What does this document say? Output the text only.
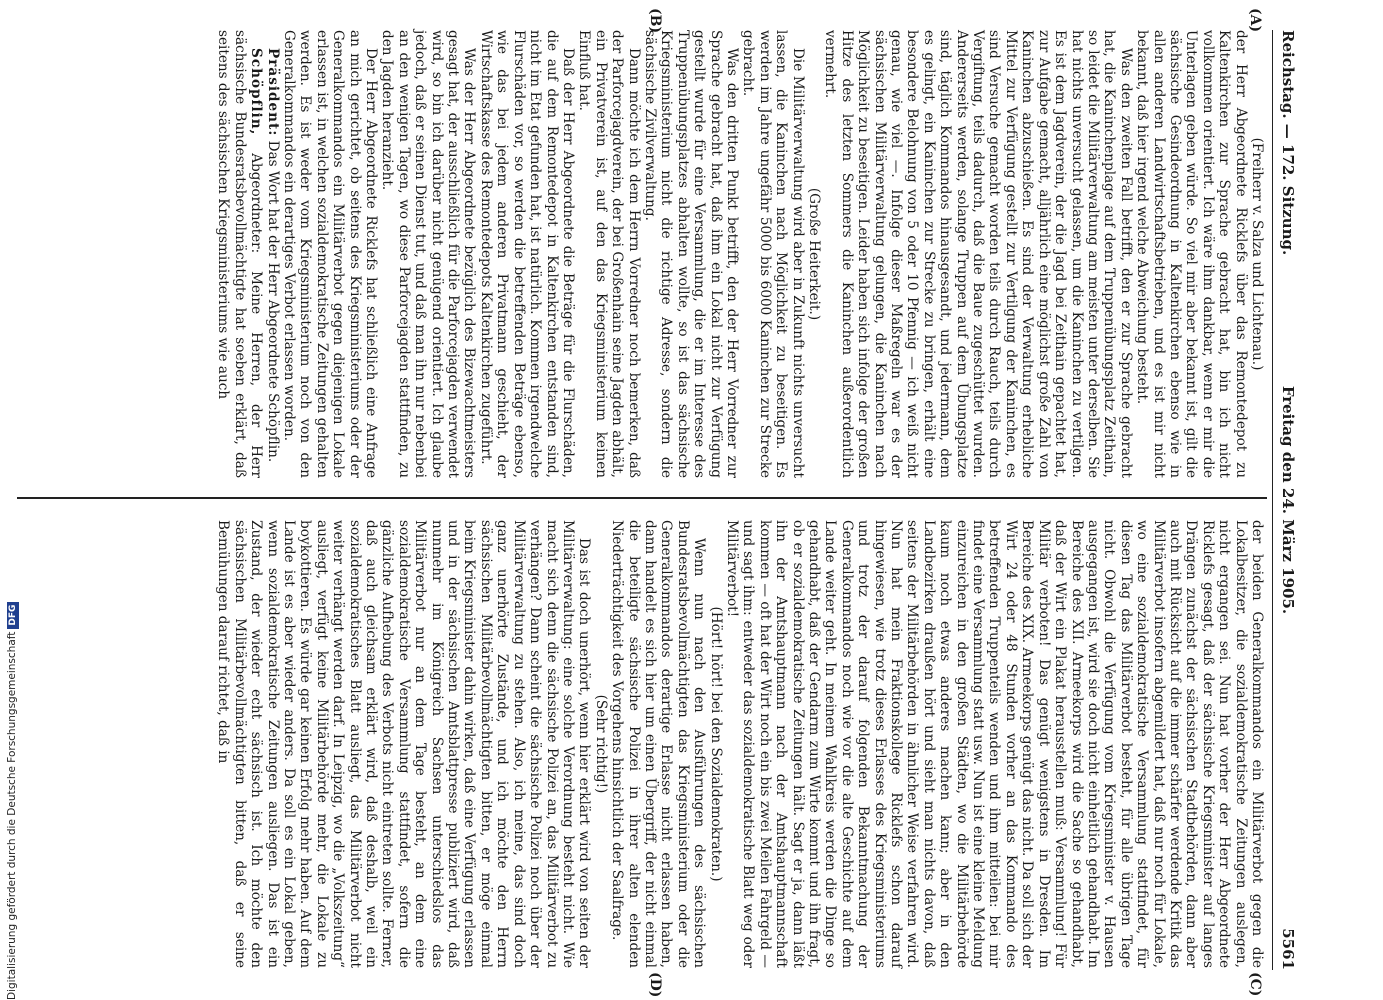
Reichstag. — 172. Sitzung.
Freitag den 24. März 1905.
5561
(A)
(B)
(C)
(D)

(Freiherr v. Salza und Lichtenau.)

der Herr Abgeordnete Ricklefs über das Remontedepot zu Kaltenkirchen zur Sprache gebracht hat, bin ich nicht vollkommen orientiert. Ich wäre ihm dankbar, wenn er mir die Unterlagen geben würde. So viel mir aber bekannt ist, gilt die sächsische Gesindeordnung in Kaltenkirchen ebenso wie in allen anderen Landwirtschaftsbetrieben, und es ist mir nicht bekannt, daß hier irgend welche Abweichung besteht.

Was den zweiten Fall betrifft, den er zur Sprache gebracht hat, die Kaninchenplage auf dem Truppenübungsplatz Zeithain, so leidet die Militärverwaltung am meisten unter derselben. Sie hat nichts unversucht gelassen, um die Kaninchen zu vertilgen. Es ist dem Jagdverein, der die Jagd bei Zeithain gepachtet hat, zur Aufgabe gemacht, alljährlich eine möglichst große Zahl von Kaninchen abzuschießen. Es sind der Verwaltung erhebliche Mittel zur Verfügung gestellt zur Vertilgung der Kaninchen, es sind Versuche gemacht worden teils durch Rauch, teils durch Vergiftung, teils dadurch, daß die Baue zugeschüttet wurden. Andererseits werden, solange Truppen auf dem Übungsplatze sind, täglich Kommandos hinausgesandt, und jedermann, dem es gelingt, ein Kaninchen zur Strecke zu bringen, erhält eine besondere Belohnung von 5 oder 10 Pfennig — ich weiß nicht genau, wie viel —. Infolge dieser Maßregeln war es der sächsischen Militärverwaltung gelungen, die Kaninchen nach Möglichkeit zu beseitigen. Leider haben sich infolge der großen Hitze des letzten Sommers die Kaninchen außerordentlich vermehrt.

(Große Heiterkeit.)

Die Militärverwaltung wird aber in Zukunft nichts unversucht lassen, die Kaninchen nach Möglichkeit zu beseitigen. Es werden im Jahre ungefähr 5000 bis 6000 Kaninchen zur Strecke gebracht.

Was den dritten Punkt betrifft, den der Herr Vorredner zur Sprache gebracht hat, daß ihm ein Lokal nicht zur Verfügung gestellt wurde für eine Versammlung, die er im Interesse des Truppenübungsplatzes abhalten wollte, so ist das sächsische Kriegsministerium nicht die richtige Adresse, sondern die sächsische Zivilverwaltung.

Dann möchte ich dem Herrn Vorredner noch bemerken, daß der Parforcejagdverein, der bei Großenhain seine Jagden abhält, ein Privatverein ist, auf den das Kriegsministerium keinen Einfluß hat.

Daß der Herr Abgeordnete die Beträge für die Flurschäden, die auf dem Remontedepot in Kaltenkirchen entstanden sind, nicht im Etat gefunden hat, ist natürlich. Kommen irgendwelche Flurschäden vor, so werden die betreffenden Beträge ebenso, wie das bei jedem anderen Privatmann geschieht, der Wirtschaftskasse des Remontedepots Kaltenkirchen zugeführt.

Was der Herr Abgeordnete bezüglich des Bizewachtmeisters gesagt hat, der ausschließlich für die Parforcejagden verwendet wird, so bin ich darüber nicht genügend orientiert. Ich glaube jedoch, daß er seinen Dienst tut, und daß man ihn nur nebenbei an den wenigen Tagen, wo diese Parforcejagden stattfinden, zu den Jagden heranzieht.

Der Herr Abgeordnete Ricklefs hat schließlich eine Anfrage an mich gerichtet, ob seitens des Kriegsministeriums oder der Generalkommandos ein Militärverbot gegen diejenigen Lokale erlassen ist, in welchen sozialdemokratische Zeitungen gehalten werden. Es ist weder vom Kriegsministerium noch von den Generalkommandos ein derartiges Verbot erlassen worden.

Präsident: Das Wort hat der Herr Abgeordnete Schöpflin.

Schöpflin, Abgeordneter: Meine Herren, der Herr sächsische Bundesratsbevollmächtigte hat soeben erklärt, daß seitens des sächsischen Kriegsministeriums wie auch

der beiden Generalkommandos ein Militärverbot gegen die Lokalbesitzer, die sozialdemokratische Zeitungen auslegen, nicht ergangen sei. Nun hat vorher der Herr Abgeordnete Ricklefs gesagt, daß der sächsische Kriegsminister auf langes Drängen zunächst der sächsischen Stadtbehörden, dann aber auch mit Rücksicht auf die immer schärfer werdende Kritik das Militärverbot insofern abgemildert hat, daß nur noch für Lokale, wo eine sozialdemokratische Versammlung stattfindet, für diesen Tag das Militärverbot besteht, für alle übrigen Tage nicht. Obwohl die Verfügung vom Kriegsminister v. Hausen ausgegangen ist, wird sie doch nicht einheitlich gehandhabt. Im Bereiche des XII. Armeekorps wird die Sache so gehandhabt, daß der Wirt ein Plakat herausstellen muß: Versammlung! Für Militär verboten! Das genügt wenigstens in Dresden. Im Bereiche des XIX. Armeekorps genügt das nicht. Da soll sich der Wirt 24 oder 48 Stunden vorher an das Kommando des betreffenden Truppenteils wenden und ihm mitteilen: bei mir findet eine Versammlung statt usw. Nun ist eine kleine Meldung einzureichen in den großen Städten, wo die Militärbehörde kaum noch etwas anderes machen kann; aber in den Landbezirken draußen hört und sieht man nichts davon, daß seitens der Militärbehörden in ähnlicher Weise verfahren wird. Nun hat mein Fraktionskollege Ricklefs schon darauf hingewiesen, wie trotz dieses Erlasses des Kriegsministeriums und trotz der darauf folgenden Bekanntmachung der Generalkommandos noch wie vor die alte Geschichte auf dem Lande weiter geht. In meinem Wahlkreis werden die Dinge so gehandhabt, daß der Gendarm zum Wirte kommt und ihn fragt, ob er sozialdemokratische Zeitungen hält. Sagt er ja, dann läßt ihn der Amtshauptmann nach der Amtshauptmannschaft kommen — oft hat der Wirt noch ein bis zwei Meilen Fahrgeld — und sagt ihm: entweder das sozialdemokratische Blatt weg oder Militärverbot!

(Hört! hört! bei den Sozialdemokraten.)

Wenn nun nach den Ausführungen des sächsischen Bundesratsbevollmächtigten das Kriegsministerium oder die Generalkommandos derartige Erlasse nicht erlassen haben, dann handelt es sich hier um einen Übergriff, der nicht einmal die beteiligte sächsische Polizei in ihrer alten elenden Niederträchtigkeit des Vorgehens hinsichtlich der Saalfrage.

(Sehr richtig!)

Das ist doch unerhört, wenn hier erklärt wird von seiten der Militärverwaltung: eine solche Verordnung besteht nicht. Wie macht sich denn die sächsische Polizei an, das Militärverbot zu verhängen? Dann scheint die sächsische Polizei noch über der Militärverwaltung zu stehen. Also, ich meine, das sind doch ganz unerhörte Zustände, und ich möchte den Herrn sächsischen Militärbevollmächtigten bitten, er möge einmal beim Kriegsminister dahin wirken, daß eine Verfügung erlassen und in der sächsischen Amtsblattpresse publiziert wird, daß nunmehr im Königreich Sachsen unterschiedslos das Militärverbot nur an dem Tage besteht, an dem eine sozialdemokratische Versammlung stattfindet, sofern die gänzliche Aufhebung des Verbots nicht eintreten sollte. Ferner, daß auch gleichsam erklärt wird, daß deshalb, weil ein sozialdemokratisches Blatt ausliegt, das Militärverbot nicht weiter verhängt werden darf. In Leipzig, wo die „Volkszeitung“ ausliegt, verfügt keine Militärbehörde mehr, die Lokale zu boykottieren. Es würde gar keinen Erfolg mehr haben. Auf dem Lande ist es aber wieder anders. Da soll es ein Lokal geben, wenn sozialdemokratische Zeitungen ausliegen. Das ist ein Zustand, der wieder echt sächsisch ist. Ich möchte den sächsischen Militärbevollmächtigten bitten, daß er seine Bemühungen darauf richtet, daß in

Digitalisierung gefördert durch die Deutsche ForschungsgemeinschaftDFG
